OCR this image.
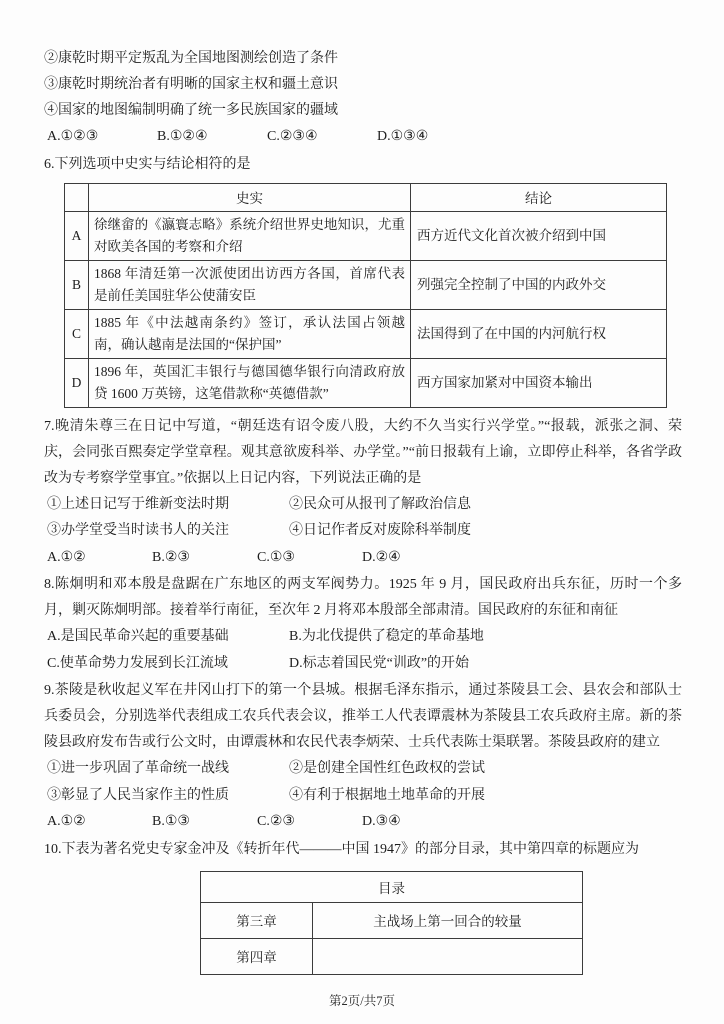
②康乾时期平定叛乱为全国地图测绘创造了条件

③康乾时期统治者有明晰的国家主权和疆土意识

④国家的地图编制明确了统一多民族国家的疆域

A.①②③	B.①②④	C.②③④	D.①③④

6.下列选项中史实与结论相符的是

	史实	结论
A	徐继畲的《瀛寰志略》系统介绍世界史地知识，尤重对欧美各国的考察和介绍	西方近代文化首次被介绍到中国
B	1868 年清廷第一次派使团出访西方各国，首席代表是前任美国驻华公使蒲安臣	列强完全控制了中国的内政外交
C	1885 年《中法越南条约》签订，承认法国占领越南，确认越南是法国的“保护国”	法国得到了在中国的内河航行权
D	1896 年，英国汇丰银行与德国德华银行向清政府放贷 1600 万英镑，这笔借款称“英德借款”	西方国家加紧对中国资本输出

7.晚清朱尊三在日记中写道，“朝廷迭有诏令废八股，大约不久当实行兴学堂。”“报载，派张之洞、荣庆，会同张百熙奏定学堂章程。观其意欲废科举、办学堂。”“前日报载有上谕，立即停止科举，各省学政改为专考察学堂事宜。”依据以上日记内容，下列说法正确的是

①上述日记写于维新变法时期	②民众可从报刊了解政治信息
③办学堂受当时读书人的关注	④日记作者反对废除科举制度

A.①②	B.②③	C.①③	D.②④

8.陈炯明和邓本殷是盘踞在广东地区的两支军阀势力。1925 年 9 月，国民政府出兵东征，历时一个多月，剿灭陈炯明部。接着举行南征，至次年 2 月将邓本殷部全部肃清。国民政府的东征和南征

A.是国民革命兴起的重要基础	B.为北伐提供了稳定的革命基地
C.使革命势力发展到长江流域	D.标志着国民党“训政”的开始

9.茶陵是秋收起义军在井冈山打下的第一个县城。根据毛泽东指示，通过茶陵县工会、县农会和部队士兵委员会，分别选举代表组成工农兵代表会议，推举工人代表谭震林为茶陵县工农兵政府主席。新的茶陵县政府发布告或行公文时，由谭震林和农民代表李炳荣、士兵代表陈士渠联署。茶陵县政府的建立

①进一步巩固了革命统一战线	②是创建全国性红色政权的尝试
③彰显了人民当家作主的性质	④有利于根据地土地革命的开展

A.①②	B.①③	C.②③	D.③④

10.下表为著名党史专家金冲及《转折年代———中国 1947》的部分目录，其中第四章的标题应为

目录	
第三章	主战场上第一回合的较量
第四章	
第2页/共7页
